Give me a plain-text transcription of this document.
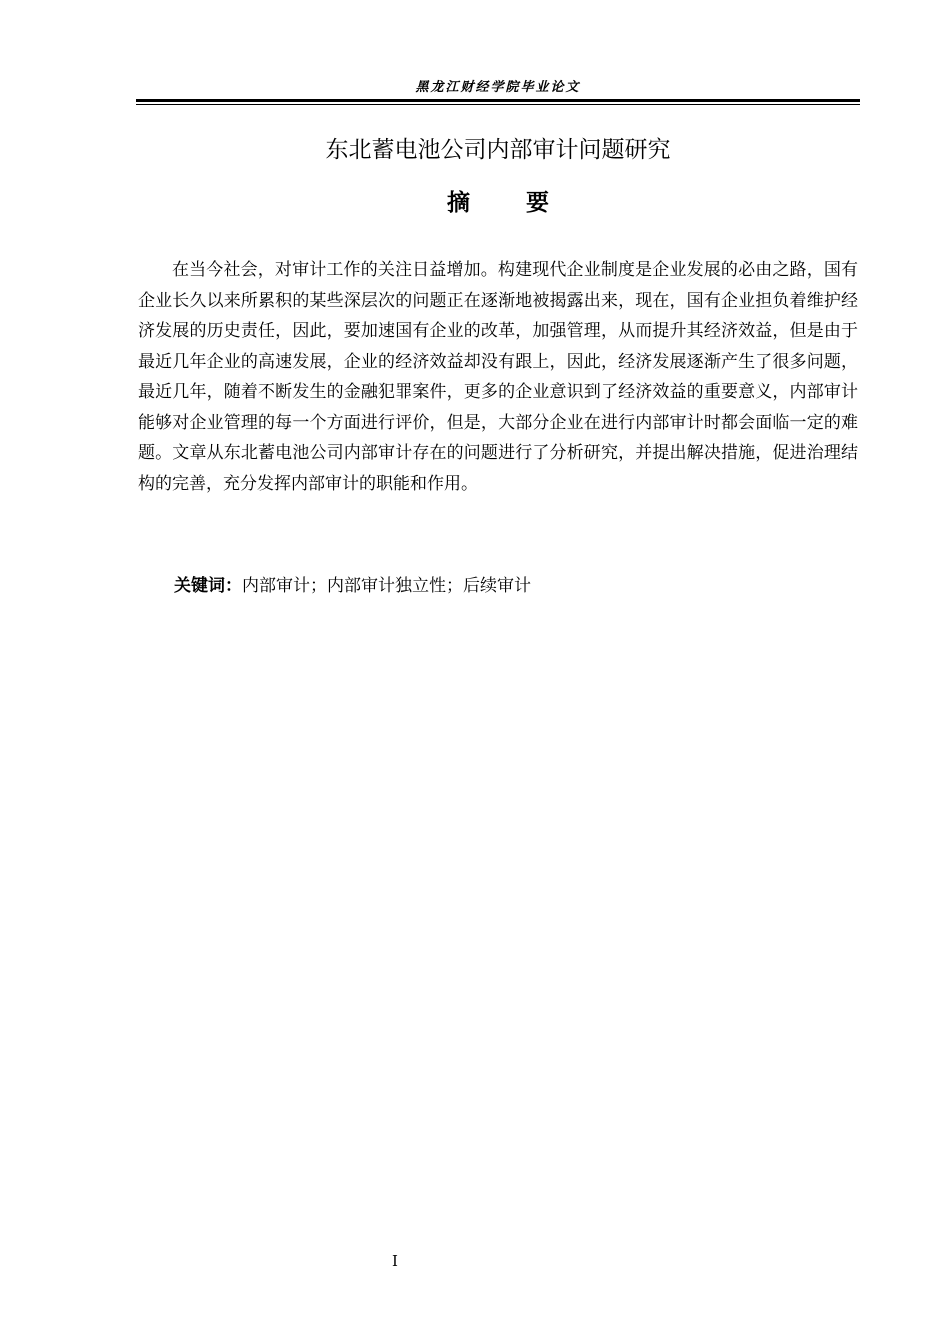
黑龙江财经学院毕业论文
东北蓄电池公司内部审计问题研究
摘 要

在当今社会，对审计工作的关注日益增加。构建现代企业制度是企业发展的必由之路，国有企业长久以来所累积的某些深层次的问题正在逐渐地被揭露出来，现在，国有企业担负着维护经济发展的历史责任，因此，要加速国有企业的改革，加强管理，从而提升其经济效益，但是由于最近几年企业的高速发展，企业的经济效益却没有跟上，因此，经济发展逐渐产生了很多问题，最近几年，随着不断发生的金融犯罪案件，更多的企业意识到了经济效益的重要意义，内部审计能够对企业管理的每一个方面进行评价，但是，大部分企业在进行内部审计时都会面临一定的难题。文章从东北蓄电池公司内部审计存在的问题进行了分析研究，并提出解决措施，促进治理结构的完善，充分发挥内部审计的职能和作用。

关键词：内部审计；内部审计独立性；后续审计
I
